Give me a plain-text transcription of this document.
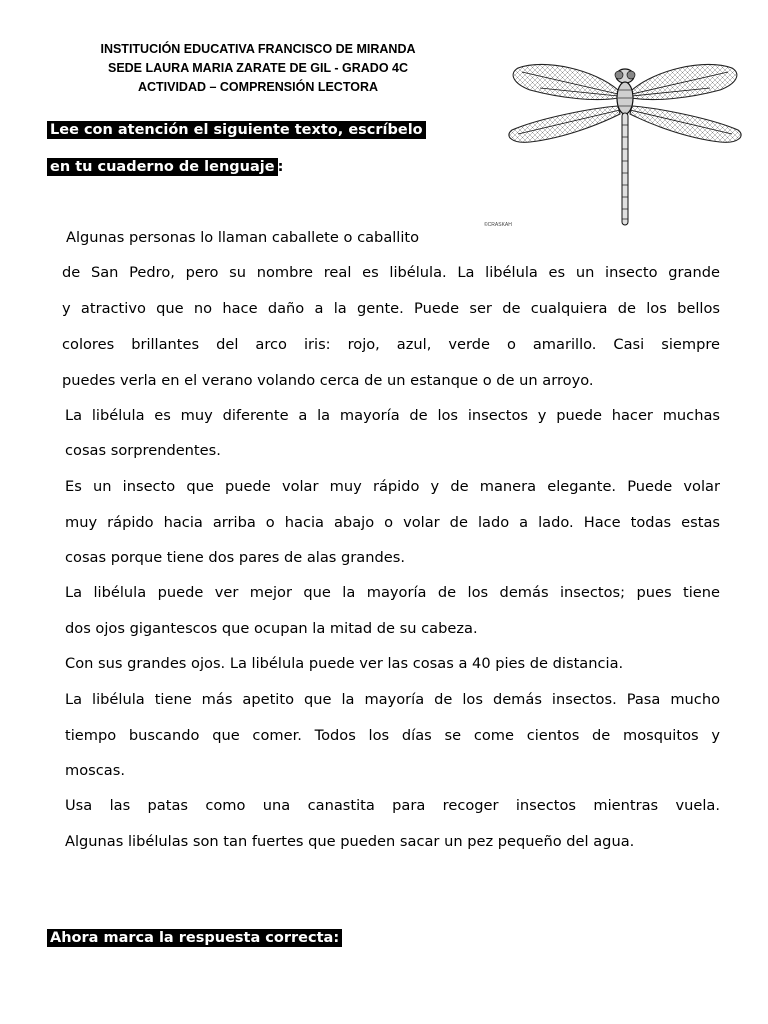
INSTITUCIÓN EDUCATIVA FRANCISCO DE MIRANDA
SEDE LAURA MARIA ZARATE DE GIL - GRADO 4C
ACTIVIDAD – COMPRENSIÓN LECTORA
©CRASKAH
Lee con atención el siguiente texto, escríbelo
en tu cuaderno de lenguaje :
Algunas personas lo llaman caballete o caballito
de San Pedro, pero su nombre real es libélula. La libélula es un insecto grande
y atractivo que no hace daño a la gente. Puede ser de cualquiera de los bellos
colores brillantes del arco iris: rojo, azul, verde o amarillo. Casi siempre
puedes verla en el verano volando cerca de un estanque o de un arroyo.
La libélula es muy diferente a la mayoría de los insectos y puede hacer muchas
cosas sorprendentes.
Es un insecto que puede volar muy rápido y de manera elegante. Puede volar
muy rápido hacia arriba o hacia abajo o volar de lado a lado. Hace todas estas
cosas porque tiene dos pares de alas grandes.
La libélula puede ver mejor que la mayoría de los demás insectos; pues tiene
dos ojos gigantescos que ocupan la mitad de su cabeza.
Con sus grandes ojos. La libélula puede ver las cosas a 40 pies de distancia.
La libélula tiene más apetito que la mayoría de los demás insectos. Pasa mucho
tiempo buscando que comer. Todos los días se come cientos de mosquitos y
moscas.
Usa las patas como una canastita para recoger insectos mientras vuela.
Algunas libélulas son tan fuertes que pueden sacar un pez pequeño del agua.
Ahora marca la respuesta correcta:
